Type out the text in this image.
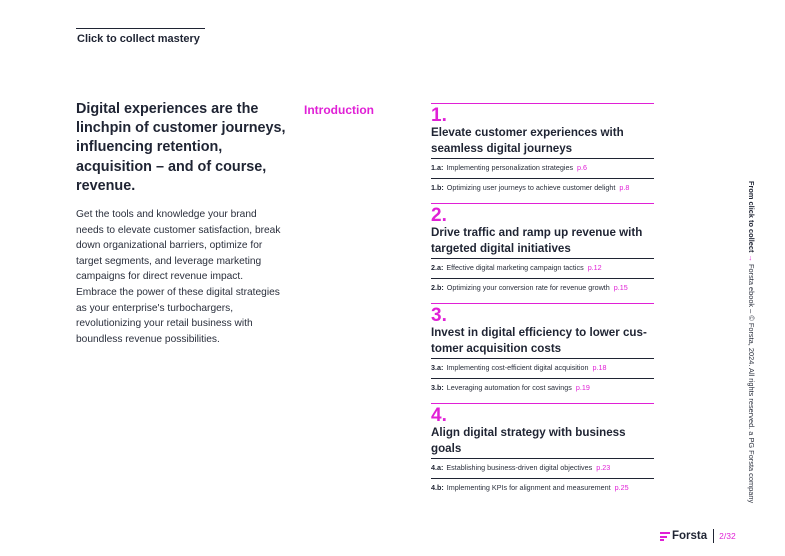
Click to collect mastery
Digital experiences are the linchpin of customer journeys, influencing retention, acquisition – and of course, revenue.

Get the tools and knowledge your brand needs to elevate customer satisfaction, break down organizational barriers, optimize for target segments, and leverage marketing campaigns for direct revenue impact. Embrace the power of these digital strategies as your enterprise's turbochargers, revolutionizing your retail business with boundless revenue possibilities.

Introduction	1.
Elevate customer experiences with seamless digital journeys
1.a: Implementing personalization strategies p.6
1.b: Optimizing user journeys to achieve customer delight p.8
2.
Drive traffic and ramp up revenue with targeted digital initiatives
2.a: Effective digital marketing campaign tactics p.12
2.b: Optimizing your conversion rate for revenue growth p.15
3.
Invest in digital efficiency to lower cus-tomer acquisition costs
3.a: Implementing cost-efficient digital acquisition p.18
3.b: Leveraging automation for cost savings p.19
4.
Align digital strategy with business goals
4.a: Establishing business-driven digital objectives p.23
4.b: Implementing KPIs for alignment and measurement p.25
From click to collect → Forsta ebook – © Forsta, 2024. All rights reserved. a PG Forsta company
Forsta 2/32
